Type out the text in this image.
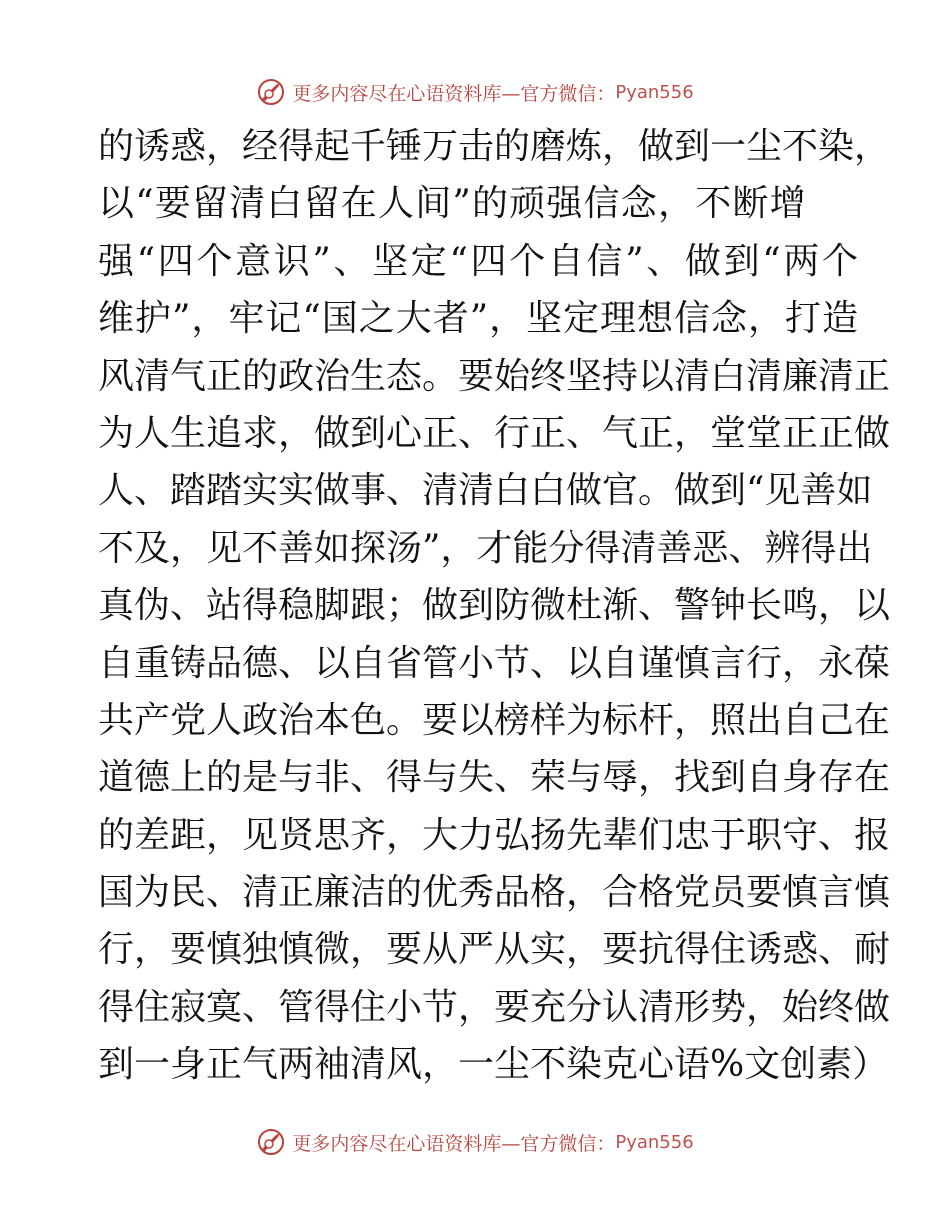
更多内容尽在心语资料库—官方微信： Pyan556
的诱惑，经得起千锤万击的磨炼，做到一尘不染，
以“要留清白留在人间”的顽强信念，不断增
强“四个意识”、坚定“四个自信”、做到“两个
维护”，牢记“国之大者”，坚定理想信念，打造
风清气正的政治生态。要始终坚持以清白清廉清正
为人生追求，做到心正、行正、气正，堂堂正正做
人、踏踏实实做事、清清白白做官。做到“见善如
不及，见不善如探汤”，才能分得清善恶、辨得出
真伪、站得稳脚跟；做到防微杜渐、警钟长鸣，以
自重铸品德、以自省管小节、以自谨慎言行，永葆
共产党人政治本色。要以榜样为标杆，照出自己在
道德上的是与非、得与失、荣与辱，找到自身存在
的差距，见贤思齐，大力弘扬先辈们忠于职守、报
国为民、清正廉洁的优秀品格，合格党员要慎言慎
行，要慎独慎微，要从严从实，要抗得住诱惑、耐
得住寂寞、管得住小节，要充分认清形势，始终做
到一身正气两袖清风，一尘不染克心语%文创素）
更多内容尽在心语资料库—官方微信： Pyan556
